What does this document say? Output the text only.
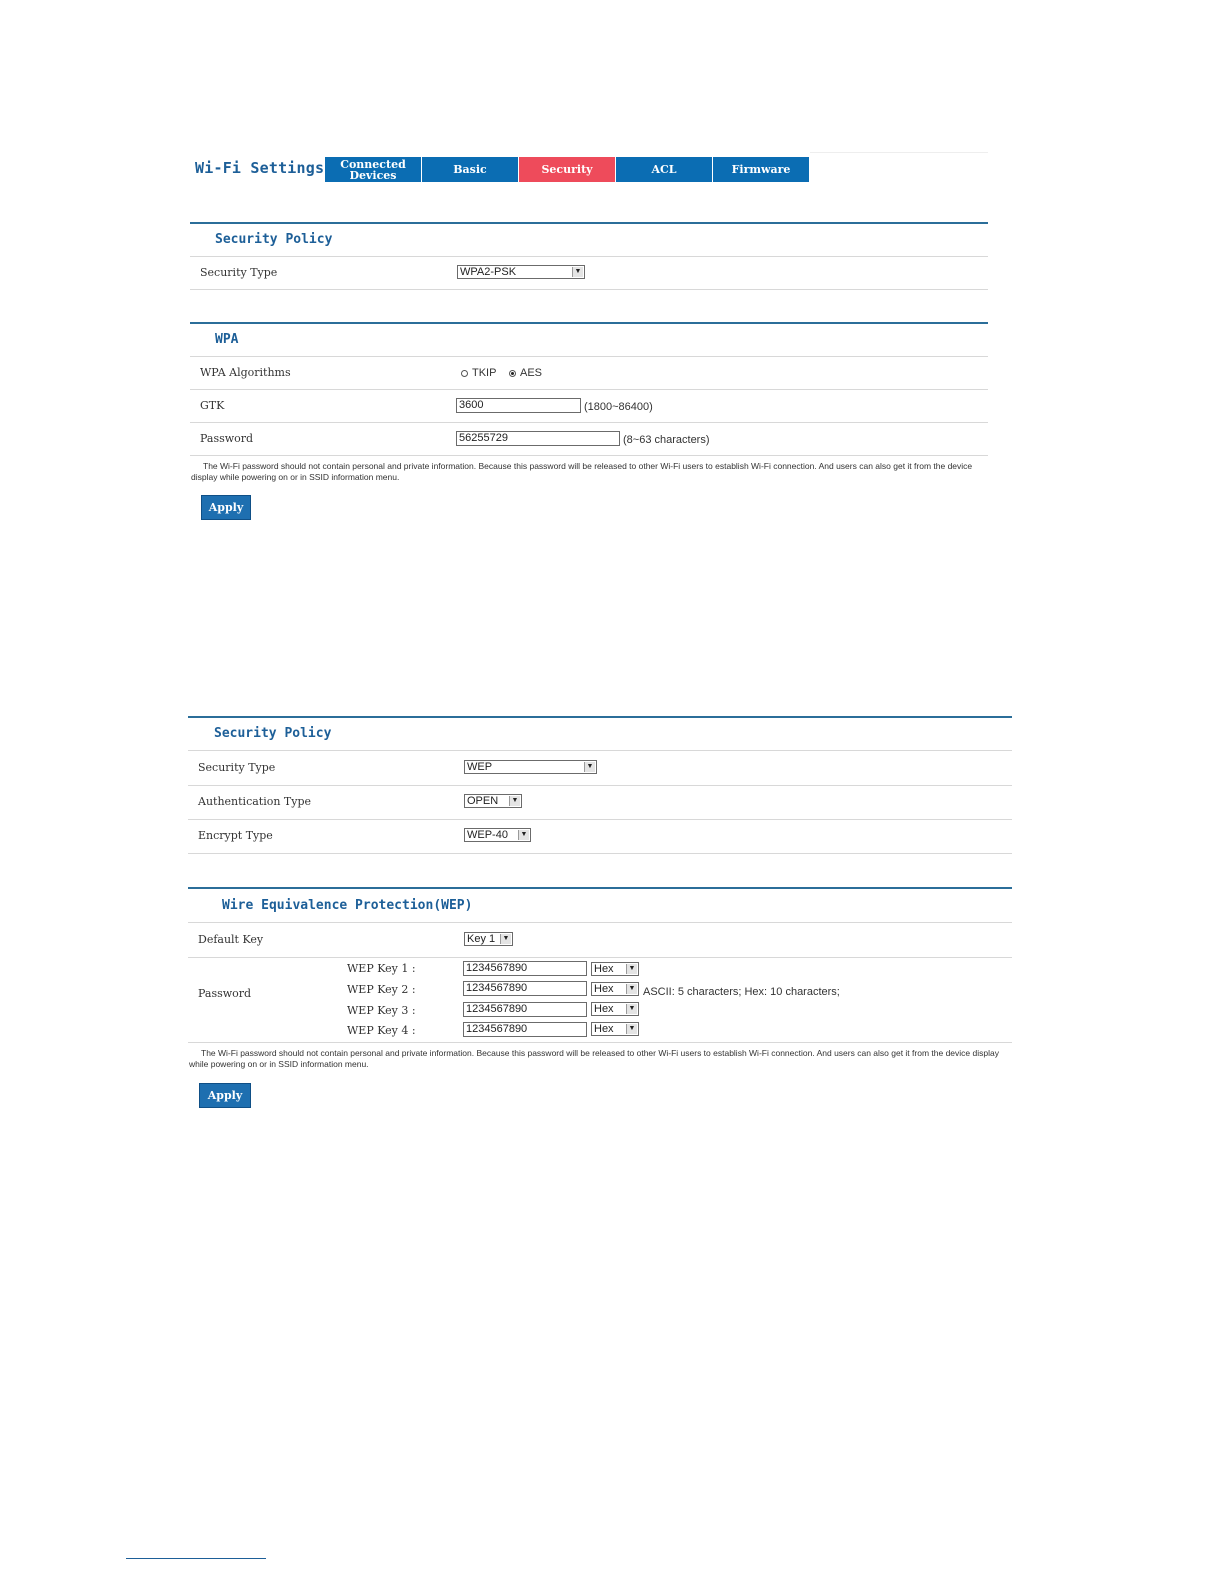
Wi-Fi Settings	Connected Devices	Basic	Security	ACL	Firmware
Security Policy
Security Type	WPA2-PSK	▼
WPA
WPA Algorithms	TKIP AES
GTK	3600	(1800~86400)
Password	56255729	(8~63 characters)
The Wi-Fi password should not contain personal and private information. Because this password will be released to other Wi-Fi users to establish Wi-Fi connection. And users can also get it from the device display while powering on or in SSID information menu.
Apply
Security Policy
Security Type	WEP	▼
Authentication Type	OPEN	▼
Encrypt Type	WEP-40	▼
Wire Equivalence Protection(WEP)
Default Key	Key 1	▼
Password
WEP Key 1 :	1234567890	Hex	▼
WEP Key 2 :	1234567890	Hex	▼ ASCII: 5 characters; Hex: 10 characters;
WEP Key 3 :	1234567890	Hex	▼
WEP Key 4 :	1234567890	Hex	▼
The Wi-Fi password should not contain personal and private information. Because this password will be released to other Wi-Fi users to establish Wi-Fi connection. And users can also get it from the device display while powering on or in SSID information menu.
Apply
